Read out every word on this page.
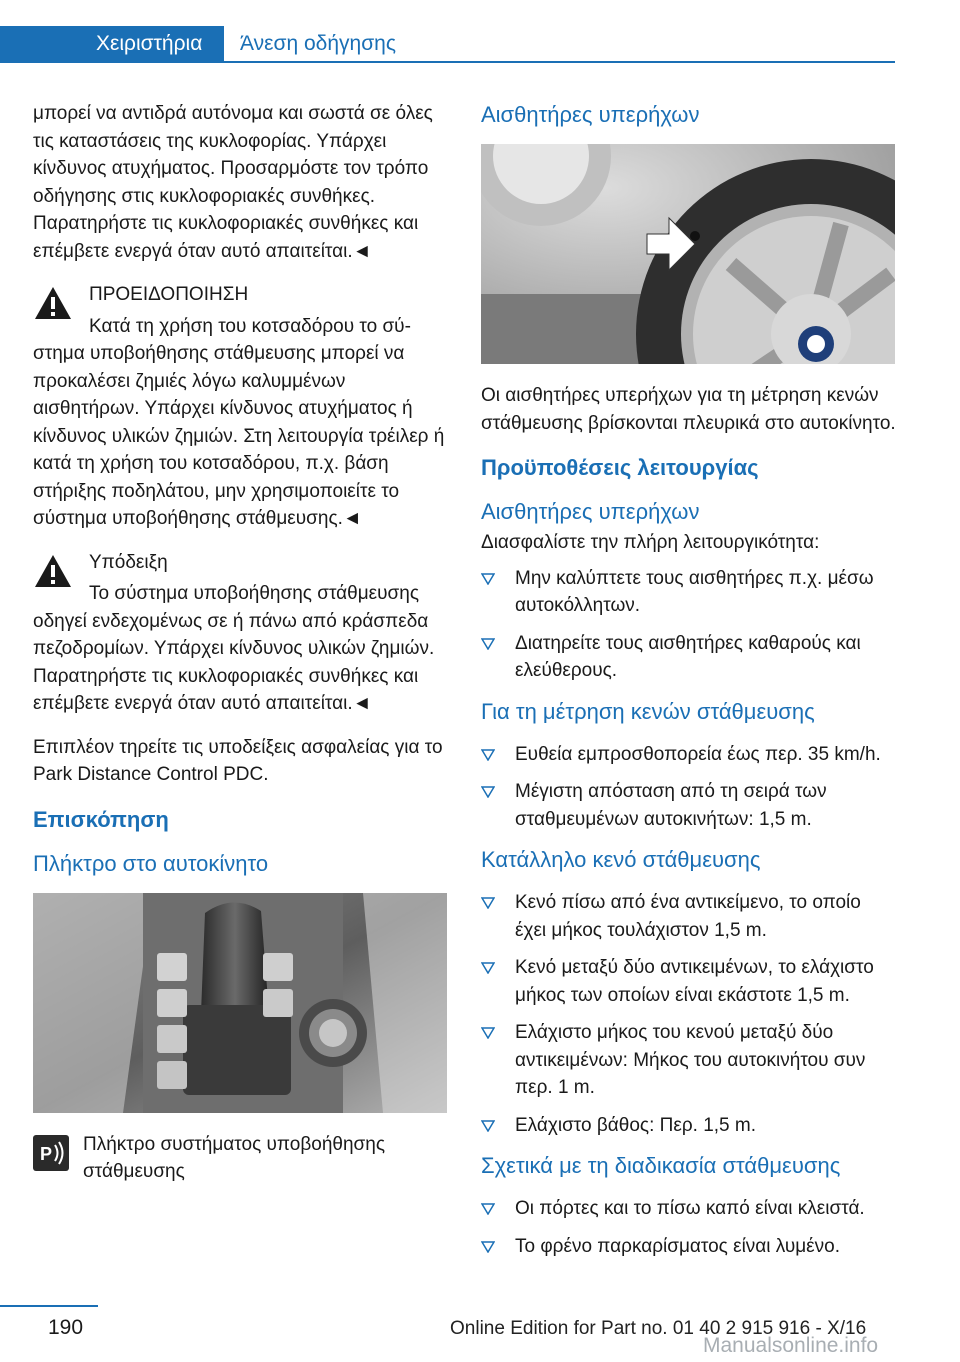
Χειριστήρια	Άνεση οδήγησης

μπορεί να αντιδρά αυτόνομα και σωστά σε όλες τις καταστάσεις της κυκλοφορίας. Υπάρχει κίνδυνος ατυχήματος. Προσαρμόστε τον τρόπο οδήγησης στις κυκλοφοριακές συνθήκες. Παρατηρήστε τις κυκλοφοριακές συνθήκες και επέμβετε ενεργά όταν αυτό απαιτείται.◄

ΠΡΟΕΙΔΟΠΟΙΗΣΗ
Κατά τη χρήση του κοτσαδόρου το σύ-
στημα υποβοήθησης στάθμευσης μπορεί να προκαλέσει ζημιές λόγω καλυμμένων αισθητήρων. Υπάρχει κίνδυνος ατυχήματος ή κίνδυνος υλικών ζημιών. Στη λειτουργία τρέιλερ ή κατά τη χρήση του κοτσαδόρου, π.χ. βάση στήριξης ποδηλάτου, μην χρησιμοποιείτε το σύστημα υποβοήθησης στάθμευσης.◄
Υπόδειξη
Το σύστημα υποβοήθησης στάθμευσης
οδηγεί ενδεχομένως σε ή πάνω από κράσπεδα πεζοδρομίων. Υπάρχει κίνδυνος υλικών ζημιών. Παρατηρήστε τις κυκλοφοριακές συνθήκες και επέμβετε ενεργά όταν αυτό απαιτείται.◄

Επιπλέον τηρείτε τις υποδείξεις ασφαλείας για το Park Distance Control PDC.

Επισκόπηση
Πλήκτρο στο αυτοκίνητο
P Πλήκτρο συστήματος υποβοήθησης στάθμευσης
Αισθητήρες υπερήχων

Οι αισθητήρες υπερήχων για τη μέτρηση κενών στάθμευσης βρίσκονται πλευρικά στο αυτοκίνητο.

Προϋποθέσεις λειτουργίας
Αισθητήρες υπερήχων
Διασφαλίστε την πλήρη λειτουργικότητα:
Μην καλύπτετε τους αισθητήρες π.χ. μέσω αυτοκόλλητων.
Διατηρείτε τους αισθητήρες καθαρούς και ελεύθερους.
Για τη μέτρηση κενών στάθμευσης
Ευθεία εμπροσθοπορεία έως περ. 35 km/h.
Μέγιστη απόσταση από τη σειρά των σταθμευμένων αυτοκινήτων: 1,5 m.
Κατάλληλο κενό στάθμευσης
Κενό πίσω από ένα αντικείμενο, το οποίο έχει μήκος τουλάχιστον 1,5 m.
Κενό μεταξύ δύο αντικειμένων, το ελάχιστο μήκος των οποίων είναι εκάστοτε 1,5 m.
Ελάχιστο μήκος του κενού μεταξύ δύο αντικειμένων: Μήκος του αυτοκινήτου συν περ. 1 m.
Ελάχιστο βάθος: Περ. 1,5 m.
Σχετικά με τη διαδικασία στάθμευσης
Οι πόρτες και το πίσω καπό είναι κλειστά.
Το φρένο παρκαρίσματος είναι λυμένο.
190	Online Edition for Part no. 01 40 2 915 916 - X/16
Manualsonline.info
